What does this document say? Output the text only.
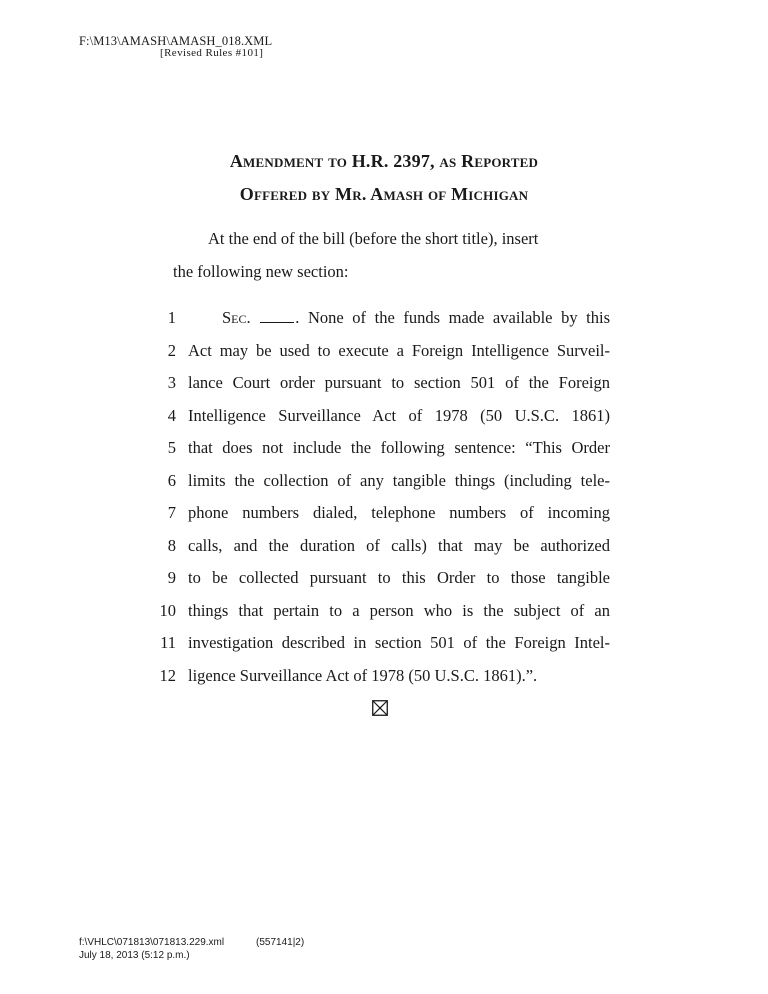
F:\M13\AMASH\AMASH_018.XML
[Revised Rules #101]
Amendment to H.R. 2397, as Reported
Offered by Mr. Amash of Michigan
At the end of the bill (before the short title), insert
the following new section:
1	Sec.	. None of the funds made available by this
2 Act may be used to execute a Foreign Intelligence Surveil-
3 lance Court order pursuant to section 501 of the Foreign
4 Intelligence Surveillance Act of 1978 (50 U.S.C. 1861)
5 that does not include the following sentence: “This Order
6 limits the collection of any tangible things (including tele-
7 phone numbers dialed, telephone numbers of incoming
8 calls, and the duration of calls) that may be authorized
9 to be collected pursuant to this Order to those tangible
10 things that pertain to a person who is the subject of an
11 investigation described in section 501 of the Foreign Intel-
12 ligence Surveillance Act of 1978 (50 U.S.C. 1861).”.
f:\VHLC\071813\071813.229.xml	(557141|2)
July 18, 2013 (5:12 p.m.)
